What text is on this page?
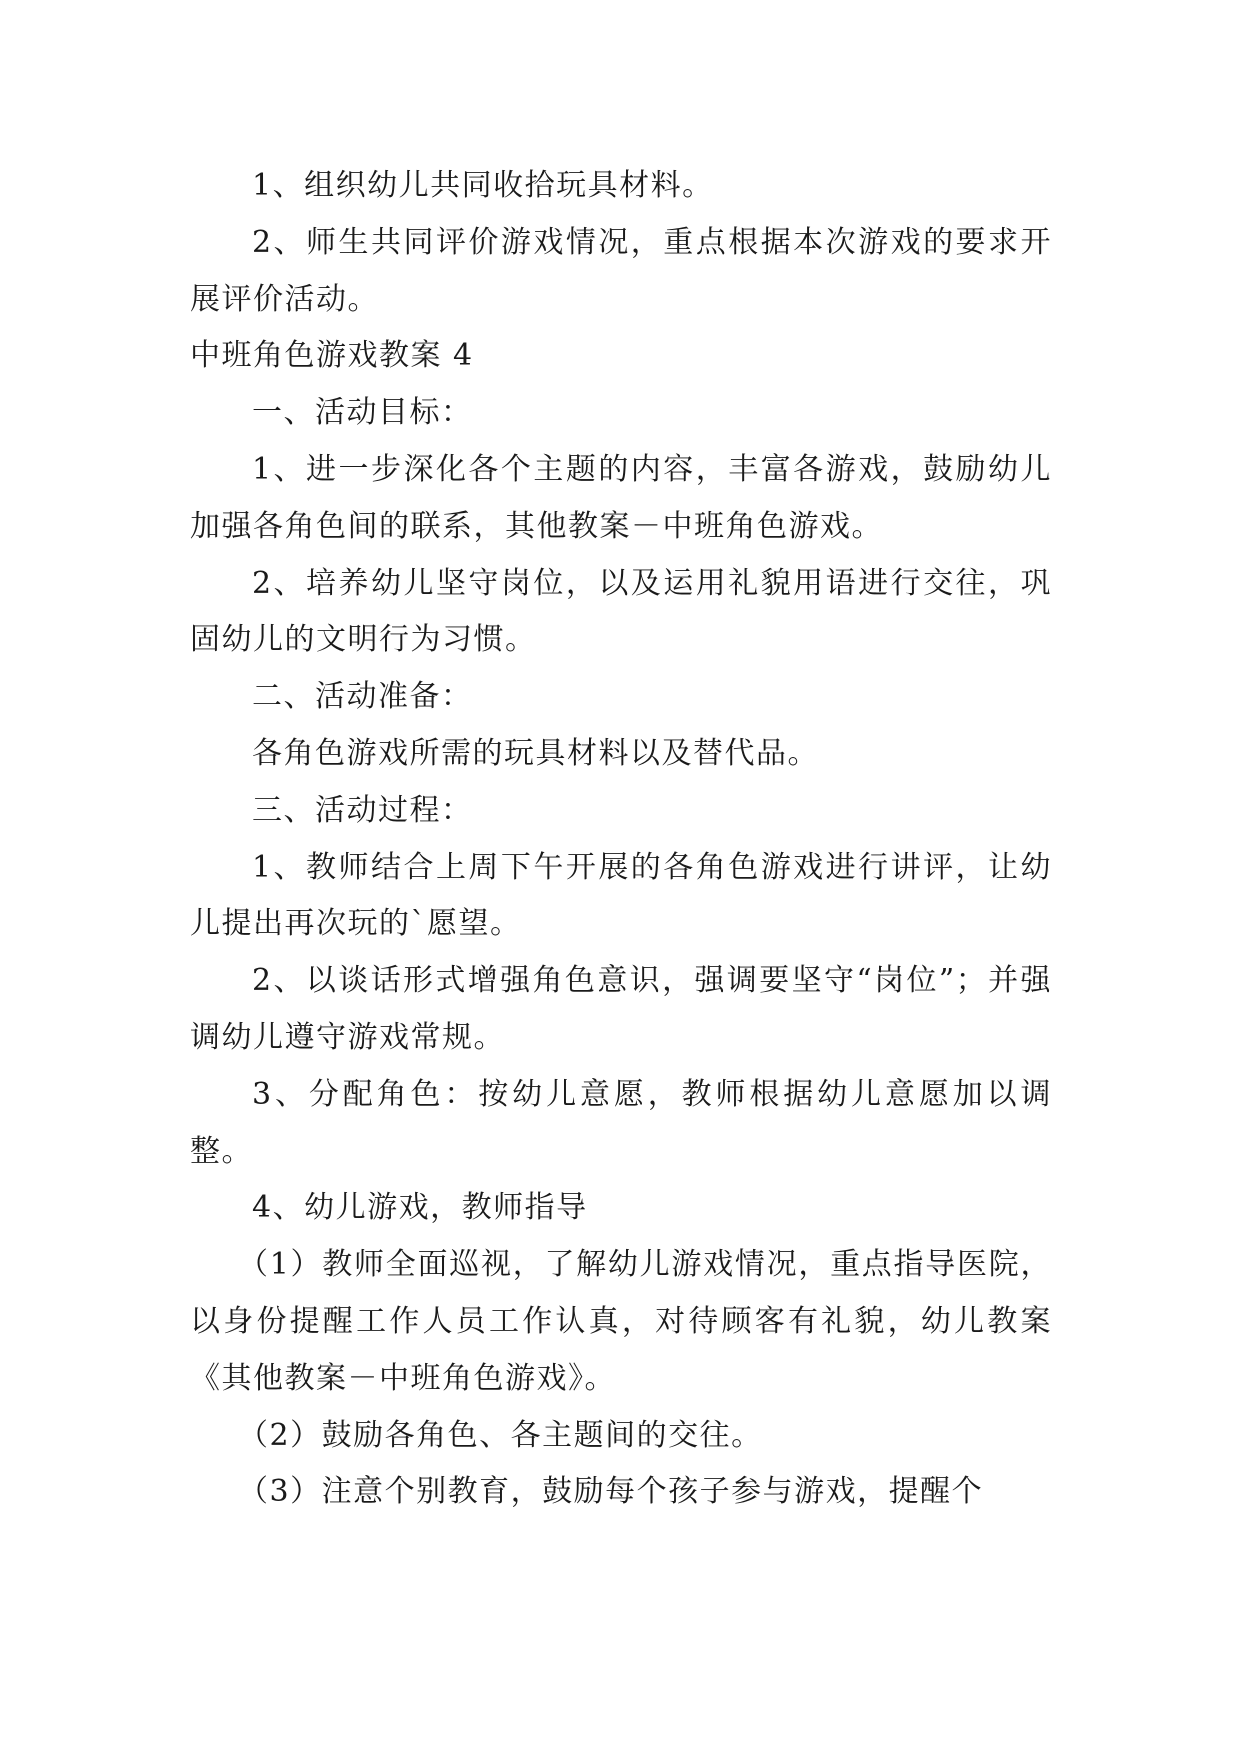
1、组织幼儿共同收拾玩具材料。

2、师生共同评价游戏情况，重点根据本次游戏的要求开展评价活动。

中班角色游戏教案 4

一、活动目标：

1、进一步深化各个主题的内容，丰富各游戏，鼓励幼儿加强各角色间的联系，其他教案－中班角色游戏。

2、培养幼儿坚守岗位，以及运用礼貌用语进行交往，巩固幼儿的文明行为习惯。

二、活动准备：

各角色游戏所需的玩具材料以及替代品。

三、活动过程：

1、教师结合上周下午开展的各角色游戏进行讲评，让幼儿提出再次玩的`愿望。

2、以谈话形式增强角色意识，强调要坚守“岗位”；并强调幼儿遵守游戏常规。

3、分配角色：按幼儿意愿，教师根据幼儿意愿加以调整。

4、幼儿游戏，教师指导

（1）教师全面巡视，了解幼儿游戏情况，重点指导医院，以身份提醒工作人员工作认真，对待顾客有礼貌，幼儿教案《其他教案－中班角色游戏》。

（2）鼓励各角色、各主题间的交往。

（3）注意个别教育，鼓励每个孩子参与游戏，提醒个
